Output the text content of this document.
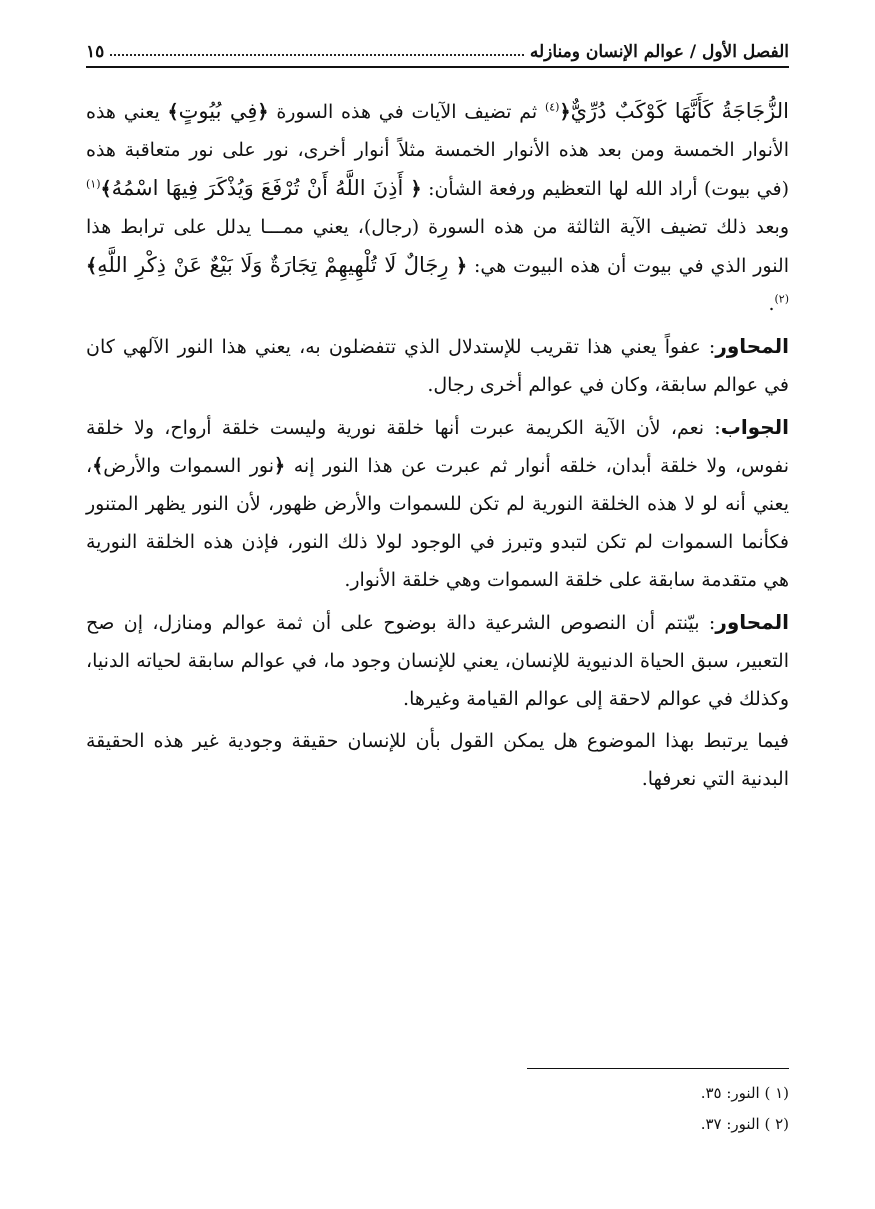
الفصل الأول / عوالم الإنسان ومنازله
١٥

الزُّجَاجَةُ كَأَنَّهَا كَوْكَبٌ دُرِّيٌّ﴿$^{(٤)}$ ثم تضيف الآيات في هذه السورة ﴿فِي بُيُوتٍ﴾ يعني هذه الأنوار الخمسة ومن بعد هذه الأنوار الخمسة مثلاً أنوار أخرى، نور على نور متعاقبة هذه (في بيوت) أراد الله لها التعظيم ورفعة الشأن: ﴿ أَذِنَ اللَّهُ أَنْ تُرْفَعَ وَيُذْكَرَ فِيهَا اسْمُهُ﴾$^{(١)}$ وبعد ذلك تضيف الآية الثالثة من هذه السورة (رجال)، يعني ممـــا يدلل على ترابط هذا النور الذي في بيوت أن هذه البيوت هي: ﴿ رِجَالٌ لَا تُلْهِيهِمْ تِجَارَةٌ وَلَا بَيْعٌ عَنْ ذِكْرِ اللَّهِ﴾$^{(٢)}$.

المحاور: عفواً يعني هذا تقريب للإستدلال الذي تتفضلون به، يعني هذا النور الآلهي كان في عوالم سابقة، وكان في عوالم أخرى رجال.

الجواب: نعم، لأن الآية الكريمة عبرت أنها خلقة نورية وليست خلقة أرواح، ولا خلقة نفوس، ولا خلقة أبدان، خلقه أنوار ثم عبرت عن هذا النور إنه ﴿نور السموات والأرض﴾، يعني أنه لو لا هذه الخلقة النورية لم تكن للسموات والأرض ظهور، لأن النور يظهر المتنور فكأنما السموات لم تكن لتبدو وتبرز في الوجود لولا ذلك النور، فإذن هذه الخلقة النورية هي متقدمة سابقة على خلقة السموات وهي خلقة الأنوار.

المحاور: بيّنتم أن النصوص الشرعية دالة بوضوح على أن ثمة عوالم ومنازل، إن صح التعبير، سبق الحياة الدنيوية للإنسان، يعني للإنسان وجود ما، في عوالم سابقة لحياته الدنيا، وكذلك في عوالم لاحقة إلى عوالم القيامة وغيرها.

فيما يرتبط بهذا الموضوع هل يمكن القول بأن للإنسان حقيقة وجودية غير هذه الحقيقة البدنية التي نعرفها.

(١ ) النور: ٣٥.
(٢ ) النور: ٣٧.
